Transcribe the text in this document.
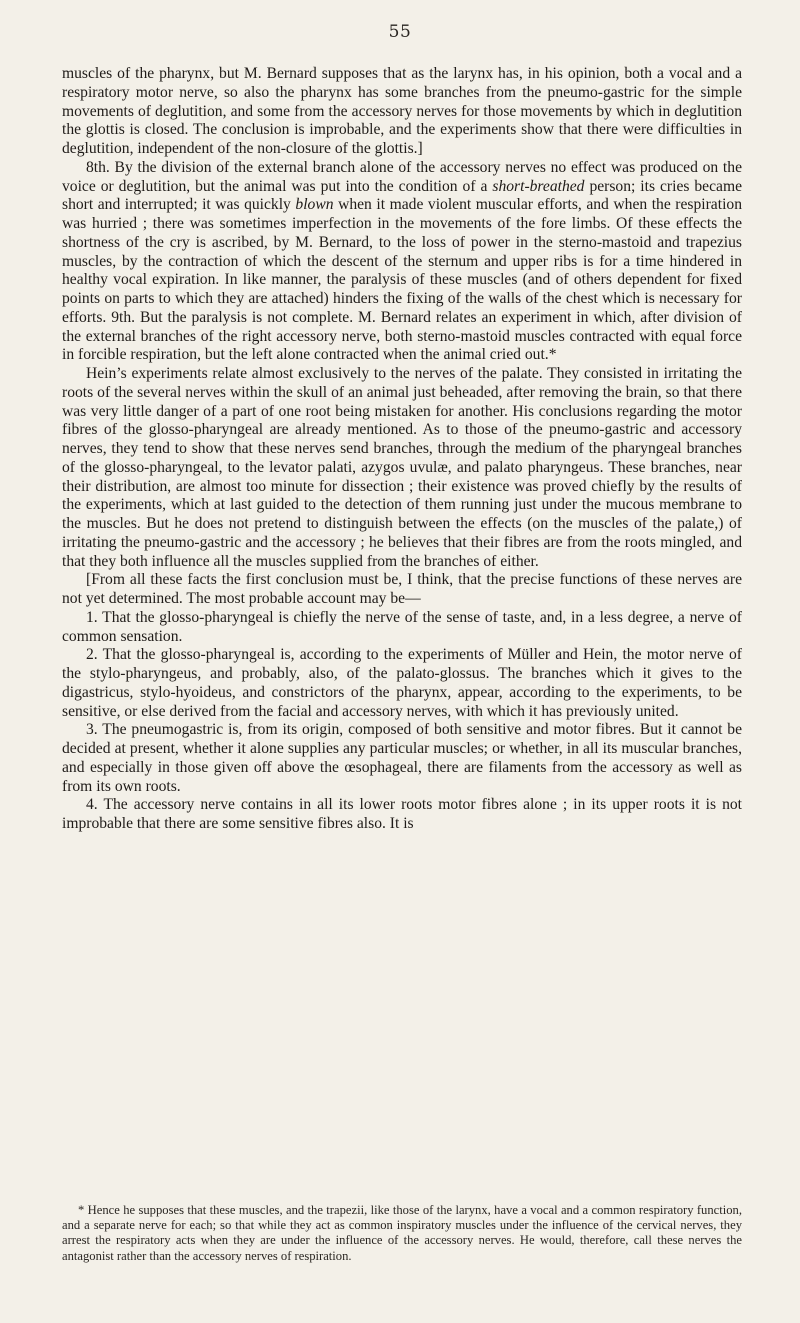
55

muscles of the pharynx, but M. Bernard supposes that as the larynx has, in his opinion, both a vocal and a respiratory motor nerve, so also the pharynx has some branches from the pneumo-gastric for the simple movements of deglutition, and some from the accessory nerves for those movements by which in deglutition the glottis is closed. The conclusion is improbable, and the experiments show that there were difficulties in deglutition, independent of the non-closure of the glottis.]

8th. By the division of the external branch alone of the accessory nerves no effect was produced on the voice or deglutition, but the animal was put into the condition of a short-breathed person; its cries became short and interrupted; it was quickly blown when it made violent muscular efforts, and when the respiration was hurried ; there was sometimes imperfection in the movements of the fore limbs. Of these effects the shortness of the cry is ascribed, by M. Bernard, to the loss of power in the sterno-mastoid and trapezius muscles, by the contraction of which the descent of the sternum and upper ribs is for a time hindered in healthy vocal expiration. In like manner, the paralysis of these muscles (and of others dependent for fixed points on parts to which they are attached) hinders the fixing of the walls of the chest which is necessary for efforts. 9th. But the paralysis is not complete. M. Bernard relates an experiment in which, after division of the external branches of the right accessory nerve, both sterno-mastoid muscles contracted with equal force in forcible respiration, but the left alone contracted when the animal cried out.*

Hein’s experiments relate almost exclusively to the nerves of the palate. They consisted in irritating the roots of the several nerves within the skull of an animal just beheaded, after removing the brain, so that there was very little danger of a part of one root being mistaken for another. His conclusions regarding the motor fibres of the glosso-pharyngeal are already mentioned. As to those of the pneumo-gastric and accessory nerves, they tend to show that these nerves send branches, through the medium of the pharyngeal branches of the glosso-pharyngeal, to the levator palati, azygos uvulæ, and palato pharyngeus. These branches, near their distribution, are almost too minute for dissection ; their existence was proved chiefly by the results of the experiments, which at last guided to the detection of them running just under the mucous membrane to the muscles. But he does not pretend to distinguish between the effects (on the muscles of the palate,) of irritating the pneumo-gastric and the accessory ; he believes that their fibres are from the roots mingled, and that they both influence all the muscles supplied from the branches of either.

[From all these facts the first conclusion must be, I think, that the precise functions of these nerves are not yet determined. The most probable account may be—

1. That the glosso-pharyngeal is chiefly the nerve of the sense of taste, and, in a less degree, a nerve of common sensation.

2. That the glosso-pharyngeal is, according to the experiments of Müller and Hein, the motor nerve of the stylo-pharyngeus, and probably, also, of the palato-glossus. The branches which it gives to the digastricus, stylo-hyoideus, and constrictors of the pharynx, appear, according to the experiments, to be sensitive, or else derived from the facial and accessory nerves, with which it has previously united.

3. The pneumogastric is, from its origin, composed of both sensitive and motor fibres. But it cannot be decided at present, whether it alone supplies any particular muscles; or whether, in all its muscular branches, and especially in those given off above the œsophageal, there are filaments from the accessory as well as from its own roots.

4. The accessory nerve contains in all its lower roots motor fibres alone ; in its upper roots it is not improbable that there are some sensitive fibres also. It is

* Hence he supposes that these muscles, and the trapezii, like those of the larynx, have a vocal and a common respiratory function, and a separate nerve for each; so that while they act as common inspiratory muscles under the influence of the cervical nerves, they arrest the respiratory acts when they are under the influence of the accessory nerves. He would, therefore, call these nerves the antagonist rather than the accessory nerves of respiration.
